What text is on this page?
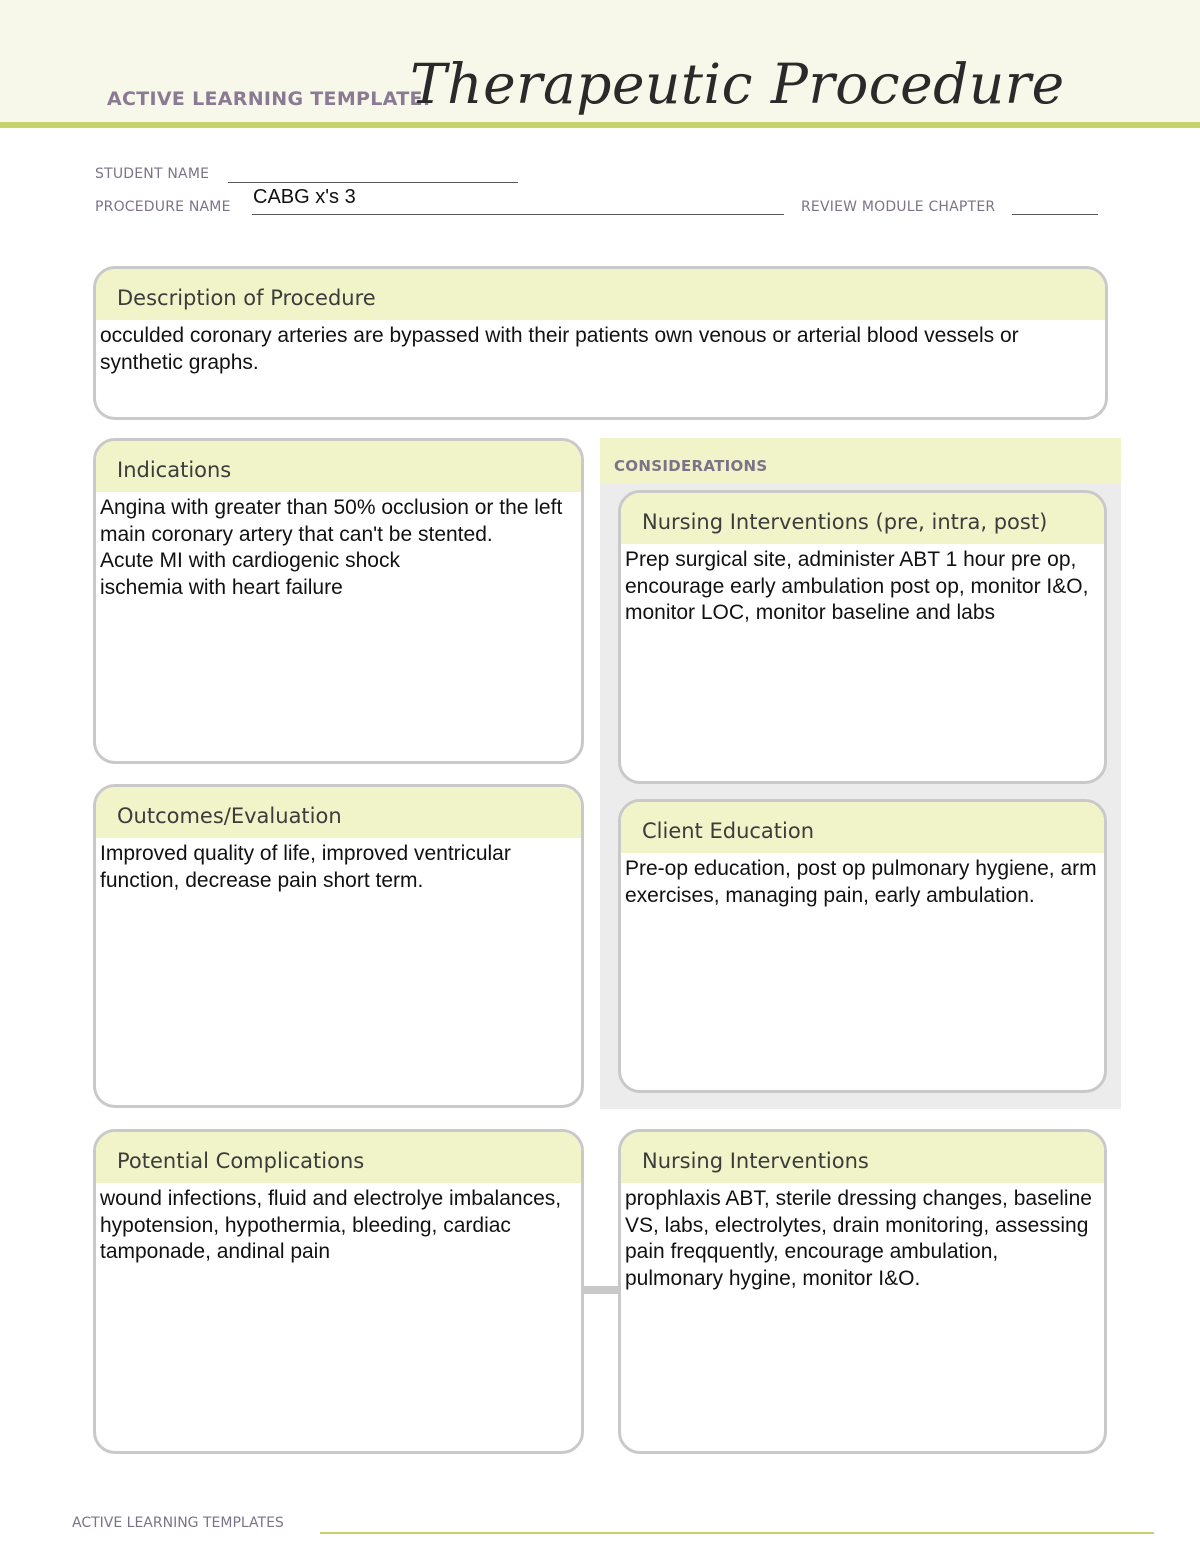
ACTIVE LEARNING TEMPLATE:
Therapeutic Procedure
STUDENT NAME
PROCEDURE NAME CABG x's 3	REVIEW MODULE CHAPTER
Description of Procedure
occulded coronary arteries are bypassed with their patients own venous or arterial blood vessels or synthetic graphs.
CONSIDERATIONS
Indications
Angina with greater than 50% occlusion or the left main coronary artery that can't be stented.
Acute MI with cardiogenic shock
ischemia with heart failure
Nursing Interventions (pre, intra, post)
Prep surgical site, administer ABT 1 hour pre op, encourage early ambulation post op, monitor I&O, monitor LOC, monitor baseline and labs
Outcomes/Evaluation
Improved quality of life, improved ventricular function, decrease pain short term.
Client Education
Pre-op education, post op pulmonary hygiene, arm exercises, managing pain, early ambulation.
Potential Complications
wound infections, fluid and electrolye imbalances, hypotension, hypothermia, bleeding, cardiac tamponade, andinal pain
Nursing Interventions
prophlaxis ABT, sterile dressing changes, baseline VS, labs, electrolytes, drain monitoring, assessing pain freqquently, encourage ambulation, pulmonary hygine, monitor I&O.
ACTIVE LEARNING TEMPLATES
